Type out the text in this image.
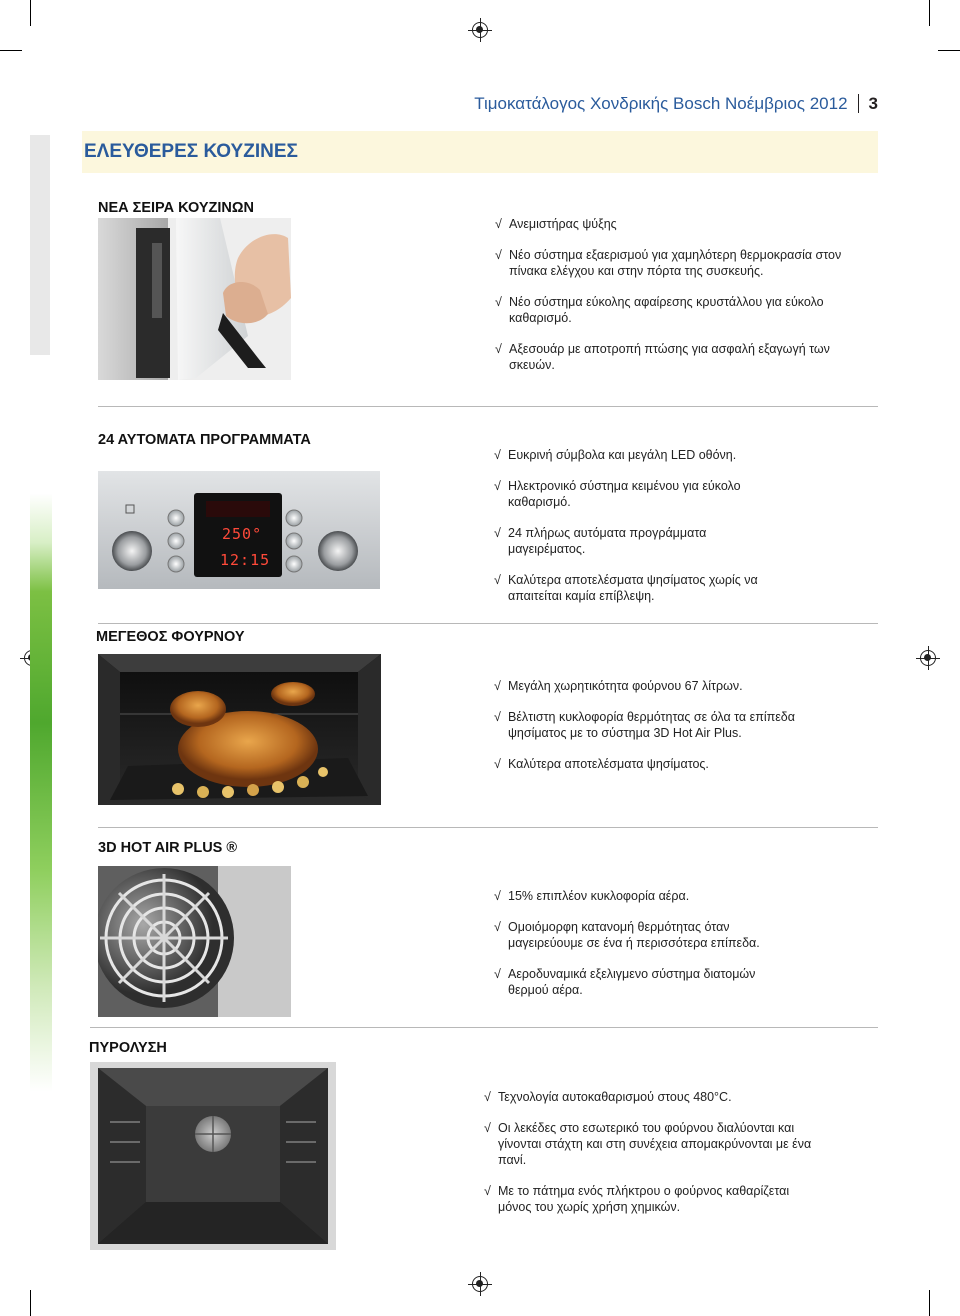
Τιμοκατάλογος Χονδρικής Bosch Νοέμβριος 2012 3
ΕΛΕΥΘΕΡΕΣ ΚΟΥΖΙΝΕΣ
ΝΕΑ ΣΕΙΡΑ ΚΟΥΖΙΝΩΝ
√ Ανεμιστήρας ψύξης
√ Νέο σύστημα εξαερισμού για χαμηλότερη θερμοκρασία στον πίνακα ελέγχου και στην πόρτα της συσκευής.
√ Νέο σύστημα εύκολης αφαίρεσης κρυστάλλου για εύκολο καθαρισμό.
√ Αξεσουάρ με αποτροπή πτώσης για ασφαλή εξαγωγή των σκευών.
24 ΑΥΤΟΜΑΤΑ ΠΡΟΓΡΑΜΜΑΤΑ
250°
12:15
√ Ευκρινή σύμβολα και μεγάλη LED οθόνη.
√ Ηλεκτρονικό σύστημα κειμένου για εύκολο καθαρισμό.
√ 24 πλήρως αυτόματα προγράμματα μαγειρέματος.
√ Καλύτερα αποτελέσματα ψησίματος χωρίς να απαιτείται καμία επίβλεψη.
ΜΕΓΕΘΟΣ ΦΟΥΡΝΟΥ
√ Μεγάλη χωρητικότητα φούρνου 67 λίτρων.
√ Βέλτιστη κυκλοφορία θερμότητας σε όλα τα επίπεδα ψησίματος με το σύστημα 3D Hot Air Plus.
√ Καλύτερα αποτελέσματα ψησίματος.
3D HOT AIR PLUS ®
√ 15% επιπλέον κυκλοφορία αέρα.
√ Ομοιόμορφη κατανομή θερμότητας όταν μαγειρεύουμε σε ένα ή περισσότερα επίπεδα.
√ Αεροδυναμικά εξελιγμενο σύστημα διατομών θερμού αέρα.
ΠΥΡΟΛΥΣΗ
√ Τεχνολογία αυτοκαθαρισμού στους 480°C.
√ Οι λεκέδες στο εσωτερικό του φούρνου διαλύονται και γίνονται στάχτη και στη συνέχεια απομακρύνονται με ένα πανί.
√ Με το πάτημα ενός πλήκτρου ο φούρνος καθαρίζεται μόνος του χωρίς χρήση χημικών.
